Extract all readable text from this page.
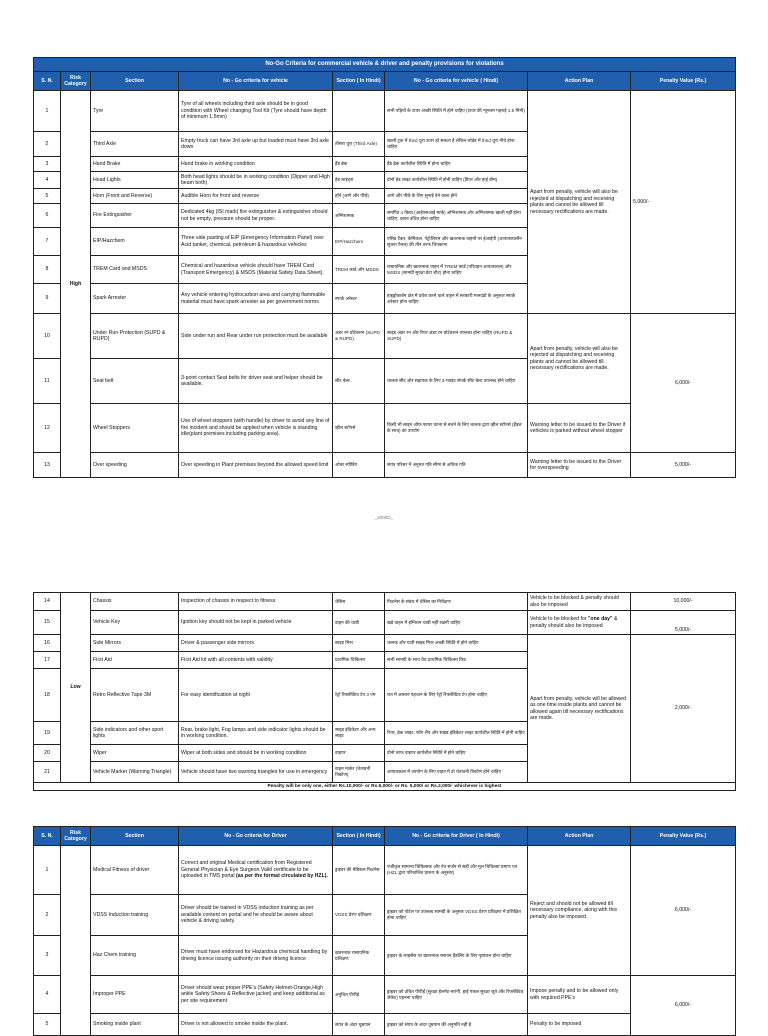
No-Go Criteria for commercial vehicle & driver and penalty provisions for violations							
S. N.	Risk Category	Section	No - Go criteria for vehicle	Section ( In Hindi)	No - Go criteria for vehicle ( Hindi)	Action Plan	Penalty Value (Rs.)
1	High	Tyre	Tyre of all wheels including third axle should be in good condition with Wheel changing Tool Kit (Tyre should have depth of minimum 1.5mm)		सभी पहियों के टायर अच्छी स्थिति में होने चाहिए (टायर की न्यूनतम गहराई 1.5 मिमी)	Apart from penalty, vehicle will also be rejected at dispatching and receiving plants and cannot be allowed till necessary rectifications are made.	5,000/-
2		Third Axle	Empty truck can have 3rd axle up but loaded must have 3rd axle down	तीसरा धुरा (Third Axle)	खाली ट्रक में third धुरा ऊपर हो सकता है लेकिन लोडेड में third धुरा नीचे होना चाहिए		
3		Hand Brake	Hand brake in working condition	हैंड ब्रेक	हैंड ब्रेक कार्यशील स्थिति में होना चाहिए		
4		Head Lights	Both head lights should be in working condition (Dipper and High beam both)	हेड लाइट्स	दोनों हेड लाइट कार्यशील स्थिति में होनी चाहिए (डिपर और हाई बीम)		
5		Horn (Front and Reverse)	Audible Horn for front and reverse	हॉर्न (आगे और पीछे)	आगे और पीछे के लिए सुनाई देने वाला हॉर्न		
6		Fire Extinguisher	Dedicated 4kg (ISI mark) fire extinguisher & extinguisher should not be empty, pressure should be proper.	अग्निशामक	समर्पित 4 किग्रा (आईएसआई मार्क) अग्निशामक और अग्निशामक खाली नहीं होना चाहिए, दबाव उचित होना चाहिए		
7		EIP/Hazchem	Three side pasting of EIP (Emergency Information Panel) over Acid tanker, chemical, petroleum & hazardous vehicles	EIP/Hazchem	एसिड टैंकर, केमिकल, पेट्रोलियम और खतरनाक वाहनों पर ईआईपी (आपातकालीन सूचना पैनल) की तीन तरफ चिपकाना		
8		TREM Card and MSDS	Chemical and hazardous vehicle should have TREM Card (Transport Emergency) & MSDS (Material Safety Data Sheet).	TREM कार्ड और MSDS	रासायनिक और खतरनाक वाहन में TREM कार्ड (परिवहन आपातकाल) और MSDS (सामग्री सुरक्षा डेटा शीट) होना चाहिए		
9		Spark Arrester	Any vehicle entering hydrocarbon area and carrying flammable material must have spark arrester as per government norms	स्पार्क अरेस्टर	हाइड्रोकार्बन क्षेत्र में प्रवेश करने वाले वाहन में सरकारी मानदंडों के अनुसार स्पार्क अरेस्टर होना चाहिए		
10		Under Run Protection (SUPD & RUPD)	Side under run and Rear under run protection must be available	अंडर रन प्रोटेक्शन (SUPD & RUPD)	साइड अंडर रन और रियर अंडर रन प्रोटेक्शन उपलब्ध होना चाहिए (RUPD & SUPD)	Apart from penalty, vehicle will also be rejected at dispatching and receiving plants and cannot be allowed till necessary rectifications are made.	6,000/-
11		Seat belt	3-point contact Seat belts for driver seat and helper should be available.	सीट बेल्ट	चालक सीट और सहायक के लिए 3-प्वाइंट संपर्क सीट बेल्ट उपलब्ध होने चाहिए		
12		Wheel Stoppers	Use of wheel stoppers (with handle) by driver to avoid any line of fire incident and should be applied when vehicle is standing idle(plant premises including parking area).	व्हील स्टॉपर्स	किसी भी लाइन ऑफ फायर घटना से बचने के लिए चालक द्वारा व्हील स्टॉपर्स (हैंडल के साथ) का उपयोग	Warning letter to be issued to the Driver if vehicles is parked without wheel stopper	
13		Over speeding	Over speeding in Plant premises beyond the allowed speed limit	ओवर स्पीडिंग	संयंत्र परिसर में अनुमत गति सीमा से अधिक गति	Warning letter to be issued to the Driver for overspeeding	5,000/-
_x000D_
14	Low	Chassis	Inspection of chassis in respect to fitness	चेसिस	फिटनेस के संबंध में चेसिस का निरीक्षण	Vehicle to be blocked & penalty should also be imposed	10,000/-
15		Vehicle Key	Ignition key should not be kept in parked vehicle	वाहन की चाबी	खड़े वाहन में इग्निशन चाबी नहीं रखनी चाहिए	Vehicle to be blocked for "one day" & penalty should also be imposed	5,000/-
16		Side Mirrors	Driver & passenger side mirrors	साइड मिरर	चालक और यात्री साइड मिरर अच्छी स्थिति में होने चाहिए	Apart from penalty, vehicle will be allowed as one time inside plants and cannot be allowed again till necessary rectifications are made.	2,000/-
17		First Aid	First Aid kit with all contents with validity	प्राथमिक चिकित्सा	सभी सामग्री के साथ वैध प्राथमिक चिकित्सा किट		
18		Retro Reflective Tape 3M	For easy identification at night	रेट्रो रिफ्लेक्टिव टेप 3 एम	रात में आसान पहचान के लिए रेट्रो रिफ्लेक्टिव टेप होना चाहिए		
19		Side indicators and other sport lights	Rear, brake light, Fog lamps and side indicator lights should be in working condition.	साइड इंडिकेटर और अन्य लाइट	रियर, ब्रेक लाइट, फॉग लैंप और साइड इंडिकेटर लाइट कार्यशील स्थिति में होनी चाहिए		
20		Wiper	Wiper at both sides and should be in working condition	वाइपर	दोनों तरफ वाइपर कार्यशील स्थिति में होने चाहिए		
21		Vehicle Marker (Warning Triangle)	Vehicle should have two warning triangles for use in emergency	वाहन मार्कर (चेतावनी त्रिकोण)	आपातकाल में उपयोग के लिए वाहन में दो चेतावनी त्रिकोण होने चाहिए		
Penalty will be only one, either Rs.10,000/- or Rs.6,000/- or Rs. 5,000/ or Rs.2,000/- whichever is highest							
S. N.	Risk Category	Section	No - Go criteria for Driver	Section ( In Hindi)	No - Go criteria for Driver ( In Hindi)	Action Plan	Penalty Value (Rs.)
1		Medical Fitness of driver	Correct and original Medical certification from Registered General Physician & Eye Surgeon.Valid certificate to be uploaded in TMS portal (as per the format circulated by HZL).	ड्राइवर की मेडिकल फिटनेस	पंजीकृत सामान्य चिकित्सक और नेत्र सर्जन से सही और मूल चिकित्सा प्रमाण पत्र (HZL द्वारा परिचालित प्रारूप के अनुसार)	Reject and should not be allowed till necessary compliance, along with this penalty also be imposed.	6,000/-
2		VDSS Induction training	Driver should be trained in VDSS induction training as per available content on portal and he should be aware about vehicle & driving safety.	VDSS प्रेरण प्रशिक्षण	ड्राइवर को पोर्टल पर उपलब्ध सामग्री के अनुसार VDSS प्रेरण प्रशिक्षण में प्रशिक्षित होना चाहिए		
3		Haz Chem training	Driver must have endorsed for Hazardous chemical handling by driving licence issuing authority on their driving licence	खतरनाक रासायनिक प्रशिक्षण	ड्राइवर के लाइसेंस पर खतरनाक रसायन हैंडलिंग के लिए पृष्ठांकन होना चाहिए		
4		Improper PPE	Driver should wear proper PPE's (Safety Helmet-Orange,High ankle Safety Shoes & Reflective jacket) and keep additional as per site requirement	अनुचित पीपीई	ड्राइवर को उचित पीपीई (सुरक्षा हेलमेट-नारंगी, हाई एंकल सुरक्षा जूते और रिफ्लेक्टिव जैकेट) पहनना चाहिए	Impose penalty and to be allowed only with required PPE's	6,000/-
5		Smoking inside plant	Driver is not allowed to smoke inside the plant.	संयंत्र के अंदर धूम्रपान	ड्राइवर को संयंत्र के अंदर धूम्रपान की अनुमति नहीं है	Penalty to be imposed	
